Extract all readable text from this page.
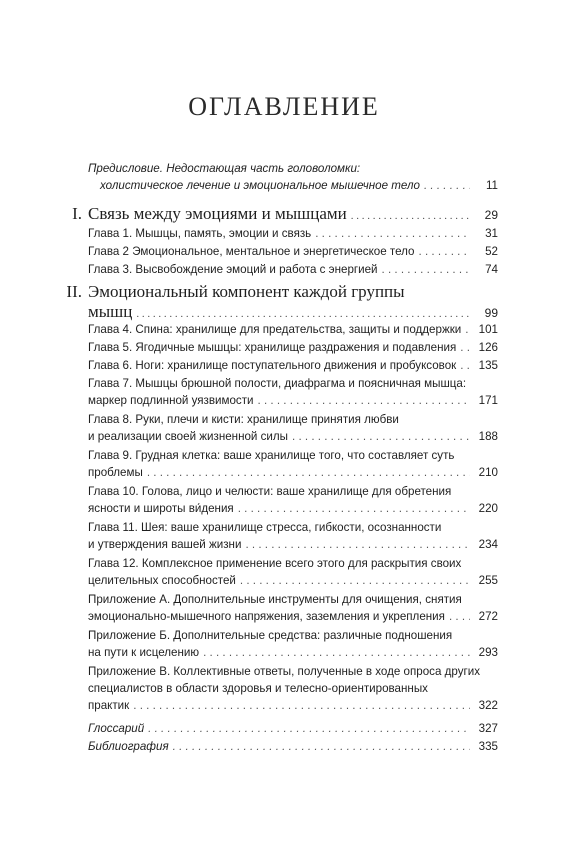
ОГЛАВЛЕНИЕ
Предисловие. Недостающая часть головоломки:
холистическое лечение и эмоциональное мышечное тело . . .	11
I. Связь между эмоциями и мышцами . . .	29
Глава 1. Мышцы, память, эмоции и связь . . .	31
Глава 2 Эмоциональное, ментальное и энергетическое тело . . .	52
Глава 3. Высвобождение эмоций и работа с энергией . . .	74
II. Эмоциональный компонент каждой группы
мышц . . .	99
Глава 4. Спина: хранилище для предательства, защиты и поддержки . . .	101
Глава 5. Ягодичные мышцы: хранилище раздражения и подавления . . .	126
Глава 6. Ноги: хранилище поступательного движения и пробуксовок . . .	135
Глава 7. Мышцы брюшной полости, диафрагма и поясничная мышца:
маркер подлинной уязвимости . . .	171
Глава 8. Руки, плечи и кисти: хранилище принятия любви
и реализации своей жизненной силы . . .	188
Глава 9. Грудная клетка: ваше хранилище того, что составляет суть
проблемы . . .	210
Глава 10. Голова, лицо и челюсти: ваше хранилище для обретения
ясности и широты ви́дения . . .	220
Глава 11. Шея: ваше хранилище стресса, гибкости, осознанности
и утверждения вашей жизни . . .	234
Глава 12. Комплексное применение всего этого для раскрытия своих
целительных способностей . . .	255
Приложение А. Дополнительные инструменты для очищения, снятия
эмоционально-мышечного напряжения, заземления и укрепления . . .	272
Приложение Б. Дополнительные средства: различные подношения
на пути к исцелению . . .	293
Приложение В. Коллективные ответы, полученные в ходе опроса других
специалистов в области здоровья и телесно-ориентированных
практик . . .	322
Глоссарий . . .	327
Библиография . . .	335
